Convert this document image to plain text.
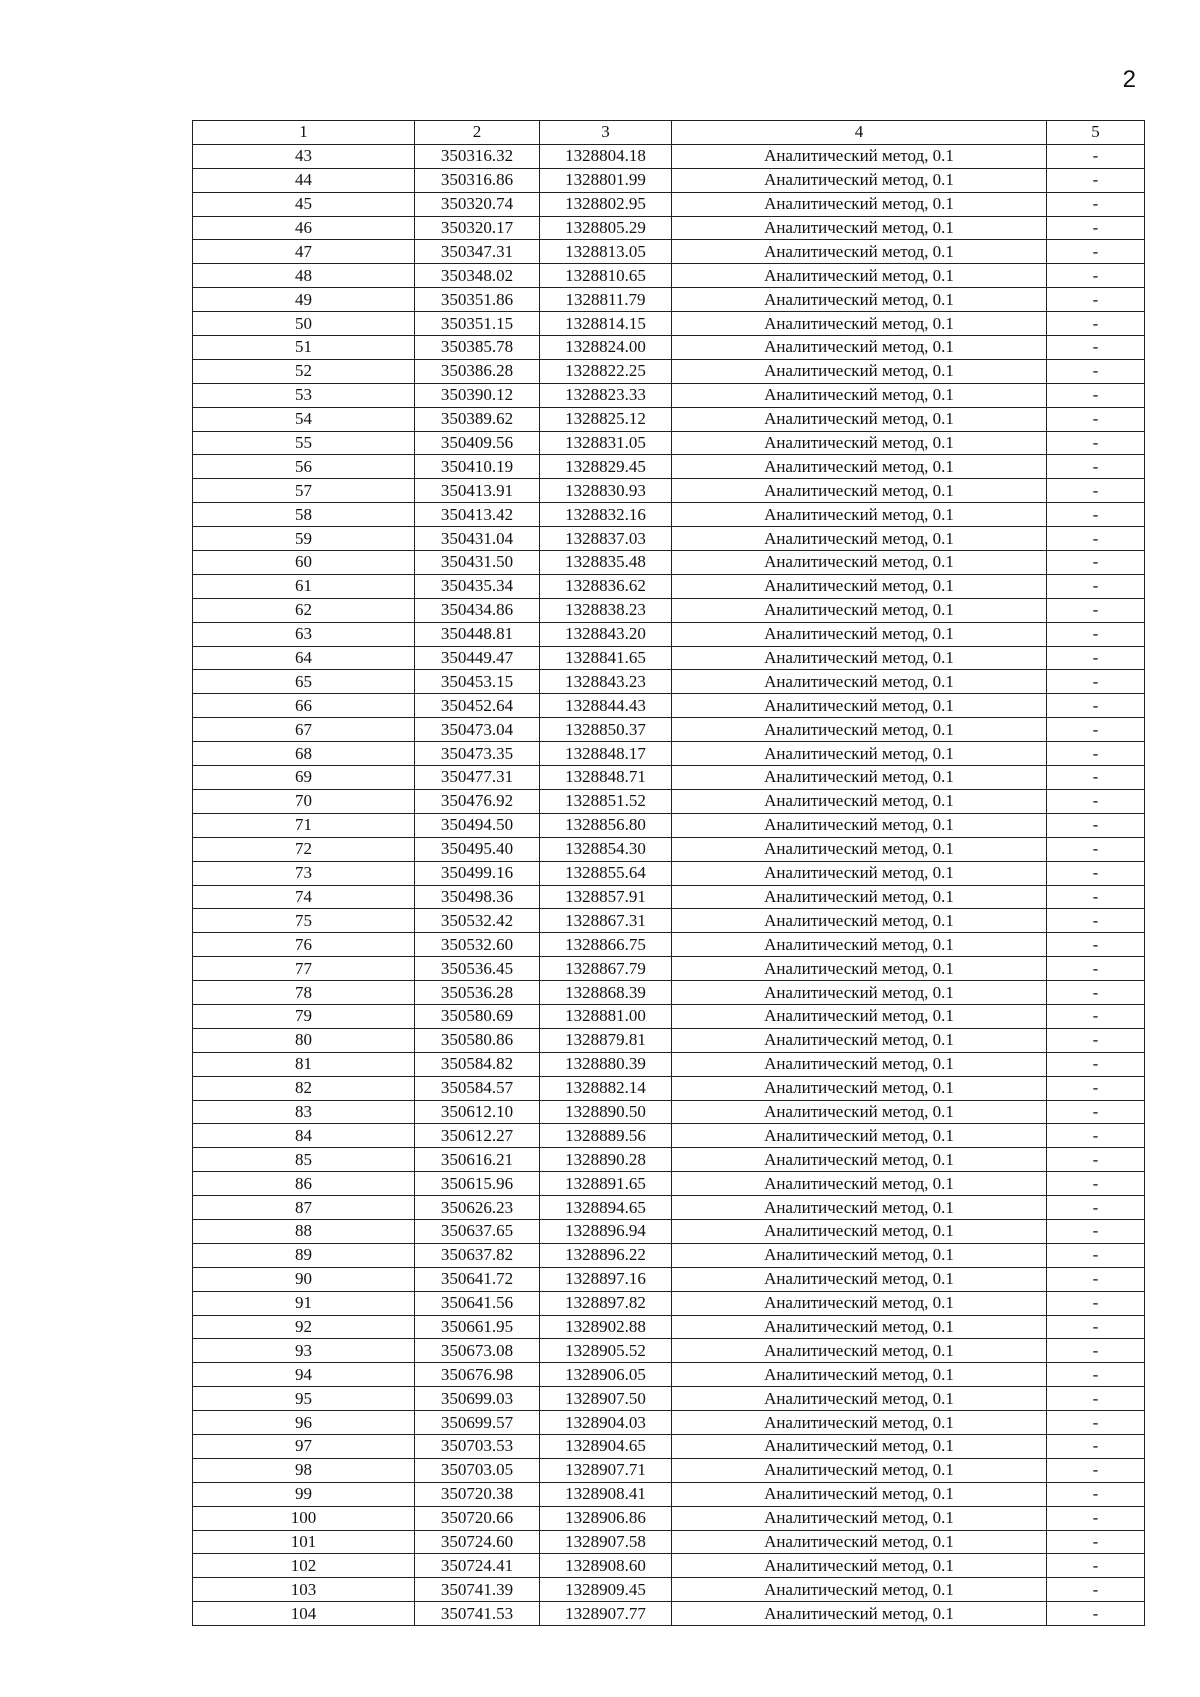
2
1	2	3	4	5
43	350316.32	1328804.18	Аналитический метод, 0.1	-
44	350316.86	1328801.99	Аналитический метод, 0.1	-
45	350320.74	1328802.95	Аналитический метод, 0.1	-
46	350320.17	1328805.29	Аналитический метод, 0.1	-
47	350347.31	1328813.05	Аналитический метод, 0.1	-
48	350348.02	1328810.65	Аналитический метод, 0.1	-
49	350351.86	1328811.79	Аналитический метод, 0.1	-
50	350351.15	1328814.15	Аналитический метод, 0.1	-
51	350385.78	1328824.00	Аналитический метод, 0.1	-
52	350386.28	1328822.25	Аналитический метод, 0.1	-
53	350390.12	1328823.33	Аналитический метод, 0.1	-
54	350389.62	1328825.12	Аналитический метод, 0.1	-
55	350409.56	1328831.05	Аналитический метод, 0.1	-
56	350410.19	1328829.45	Аналитический метод, 0.1	-
57	350413.91	1328830.93	Аналитический метод, 0.1	-
58	350413.42	1328832.16	Аналитический метод, 0.1	-
59	350431.04	1328837.03	Аналитический метод, 0.1	-
60	350431.50	1328835.48	Аналитический метод, 0.1	-
61	350435.34	1328836.62	Аналитический метод, 0.1	-
62	350434.86	1328838.23	Аналитический метод, 0.1	-
63	350448.81	1328843.20	Аналитический метод, 0.1	-
64	350449.47	1328841.65	Аналитический метод, 0.1	-
65	350453.15	1328843.23	Аналитический метод, 0.1	-
66	350452.64	1328844.43	Аналитический метод, 0.1	-
67	350473.04	1328850.37	Аналитический метод, 0.1	-
68	350473.35	1328848.17	Аналитический метод, 0.1	-
69	350477.31	1328848.71	Аналитический метод, 0.1	-
70	350476.92	1328851.52	Аналитический метод, 0.1	-
71	350494.50	1328856.80	Аналитический метод, 0.1	-
72	350495.40	1328854.30	Аналитический метод, 0.1	-
73	350499.16	1328855.64	Аналитический метод, 0.1	-
74	350498.36	1328857.91	Аналитический метод, 0.1	-
75	350532.42	1328867.31	Аналитический метод, 0.1	-
76	350532.60	1328866.75	Аналитический метод, 0.1	-
77	350536.45	1328867.79	Аналитический метод, 0.1	-
78	350536.28	1328868.39	Аналитический метод, 0.1	-
79	350580.69	1328881.00	Аналитический метод, 0.1	-
80	350580.86	1328879.81	Аналитический метод, 0.1	-
81	350584.82	1328880.39	Аналитический метод, 0.1	-
82	350584.57	1328882.14	Аналитический метод, 0.1	-
83	350612.10	1328890.50	Аналитический метод, 0.1	-
84	350612.27	1328889.56	Аналитический метод, 0.1	-
85	350616.21	1328890.28	Аналитический метод, 0.1	-
86	350615.96	1328891.65	Аналитический метод, 0.1	-
87	350626.23	1328894.65	Аналитический метод, 0.1	-
88	350637.65	1328896.94	Аналитический метод, 0.1	-
89	350637.82	1328896.22	Аналитический метод, 0.1	-
90	350641.72	1328897.16	Аналитический метод, 0.1	-
91	350641.56	1328897.82	Аналитический метод, 0.1	-
92	350661.95	1328902.88	Аналитический метод, 0.1	-
93	350673.08	1328905.52	Аналитический метод, 0.1	-
94	350676.98	1328906.05	Аналитический метод, 0.1	-
95	350699.03	1328907.50	Аналитический метод, 0.1	-
96	350699.57	1328904.03	Аналитический метод, 0.1	-
97	350703.53	1328904.65	Аналитический метод, 0.1	-
98	350703.05	1328907.71	Аналитический метод, 0.1	-
99	350720.38	1328908.41	Аналитический метод, 0.1	-
100	350720.66	1328906.86	Аналитический метод, 0.1	-
101	350724.60	1328907.58	Аналитический метод, 0.1	-
102	350724.41	1328908.60	Аналитический метод, 0.1	-
103	350741.39	1328909.45	Аналитический метод, 0.1	-
104	350741.53	1328907.77	Аналитический метод, 0.1	-
